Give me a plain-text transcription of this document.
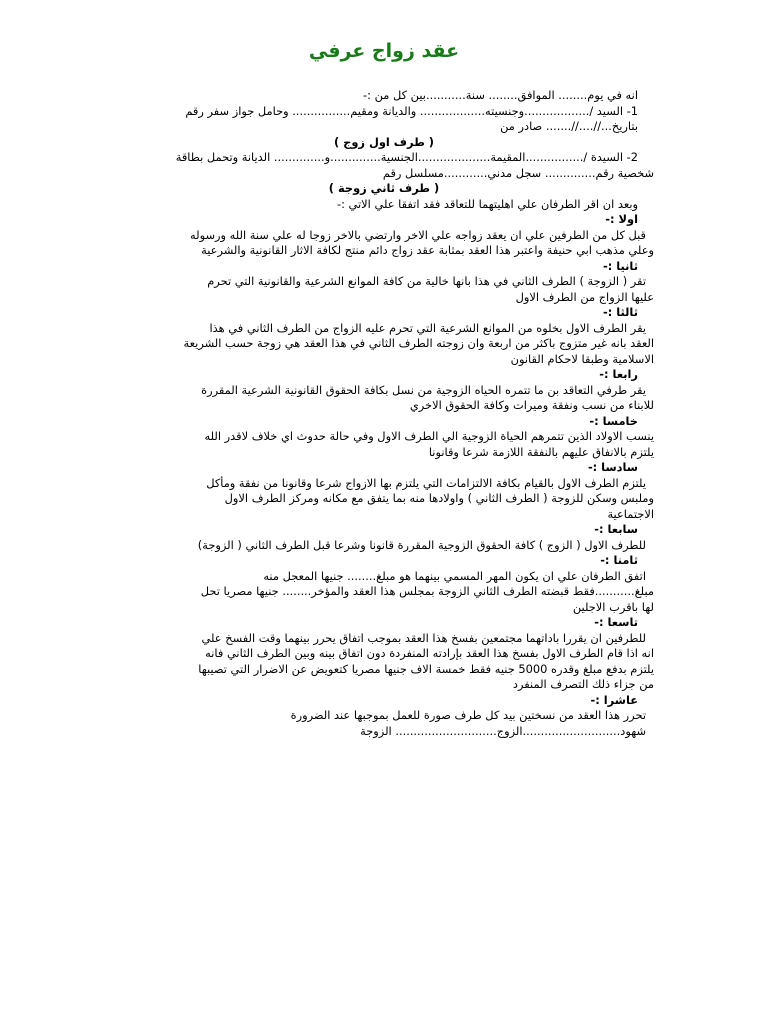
عقد زواج عرفي
انه في يوم........ الموافق........ سنة...........بين كل من :-
1- السيد /..................وجنسيته.................. والديانة ومقيم................ وحامل جواز سفر رقم
بتاريخ...//....//....... صادر من
( طرف اول زوج )
2- السيدة /................المقيمة....................الجنسية..............و.............. الديانة وتحمل بطاقة
شخصية رقم.............. سجل مدني............مسلسل رقم
( طرف ثاني زوجة )
وبعد ان اقر الطرفان علي اهليتهما للتعاقد فقد اتفقا علي الاتي :-
اولا :-
قبل كل من الطرفين علي ان يعقد زواجه علي الاخر وارتضي بالاخر زوجا له علي سنة الله ورسوله
وعلي مذهب ابي حنيفة واعتبر هذا العقد بمثابة عقد زواج دائم منتج لكافة الاثار القانونية والشرعية
ثانيا :-
تقر ( الزوجة ) الطرف الثاني في هذا بانها خالية من كافة الموانع الشرعية والقانونية التي تحرم
عليها الزواج من الطرف الاول
ثالثا :-
يقر الطرف الاول بخلوه من الموانع الشرعية التي تحرم عليه الزواج من الطرف الثاني في هذا
العقد بانه غير متزوج باكثر من اربعة وان زوجته الطرف الثاني في هذا العقد هي زوجة حسب الشريعة
الاسلامية وطبقا لاحكام القانون
رابعا :-
يقر طرفي التعاقد بن ما تتمره الحياه الزوجية من نسل بكافة الحقوق القانونية الشرعية المقررة
للابناء من نسب ونفقة وميرات وكافة الحقوق الاخري
خامسا :-
ينسب الاولاد الذين تتمرهم الحياة الزوجية الي الطرف الاول وفي حالة حدوث اي خلاف لاقدر الله
يلتزم بالانفاق عليهم بالنفقة اللازمة شرعا وقانونا
سادسا :-
يلتزم الطرف الاول بالقيام بكافة الالتزامات التي يلتزم بها الازواج شرعا وقانونا من نفقة ومأكل
وملبس وسكن للزوجة ( الطرف الثاني ) واولادها منه بما يتفق مع مكانه ومركز الطرف الاول
الاجتماعية
سابعا :-
للطرف الاول ( الزوج ) كافة الحقوق الزوجية المقررة قانونا وشرعا قبل الطرف الثاني ( الزوجة)
ثامنا :-
اتفق الطرفان علي ان يكون المهر المسمي بينهما هو مبلغ........ جنيها المعجل منه
مبلغ...........فقط قبضته الطرف الثاني الزوجة بمجلس هذا العقد والمؤخر........ جنيها مصريا تحل
لها باقرب الاجلين
تاسعا :-
للطرفين ان يقررا باداتهما مجتمعين بفسخ هذا العقد بموجب اتفاق يحرر بينهما وقت الفسخ علي
انه اذا قام الطرف الاول بفسخ هذا العقد بإرادته المنفردة دون اتفاق بينه وبين الطرف الثاني فانه
يلتزم بدفع مبلغ وقدره 5000 جنيه فقط خمسة الاف جنيها مصريا كتعويض عن الاضرار التي تصيبها
من جزاء ذلك التصرف المنفرد
عاشرا :-
تحرر هذا العقد من نسختين بيد كل طرف صورة للعمل بموجبها عند الضرورة
شهود...........................الزوج............................ الزوجة
